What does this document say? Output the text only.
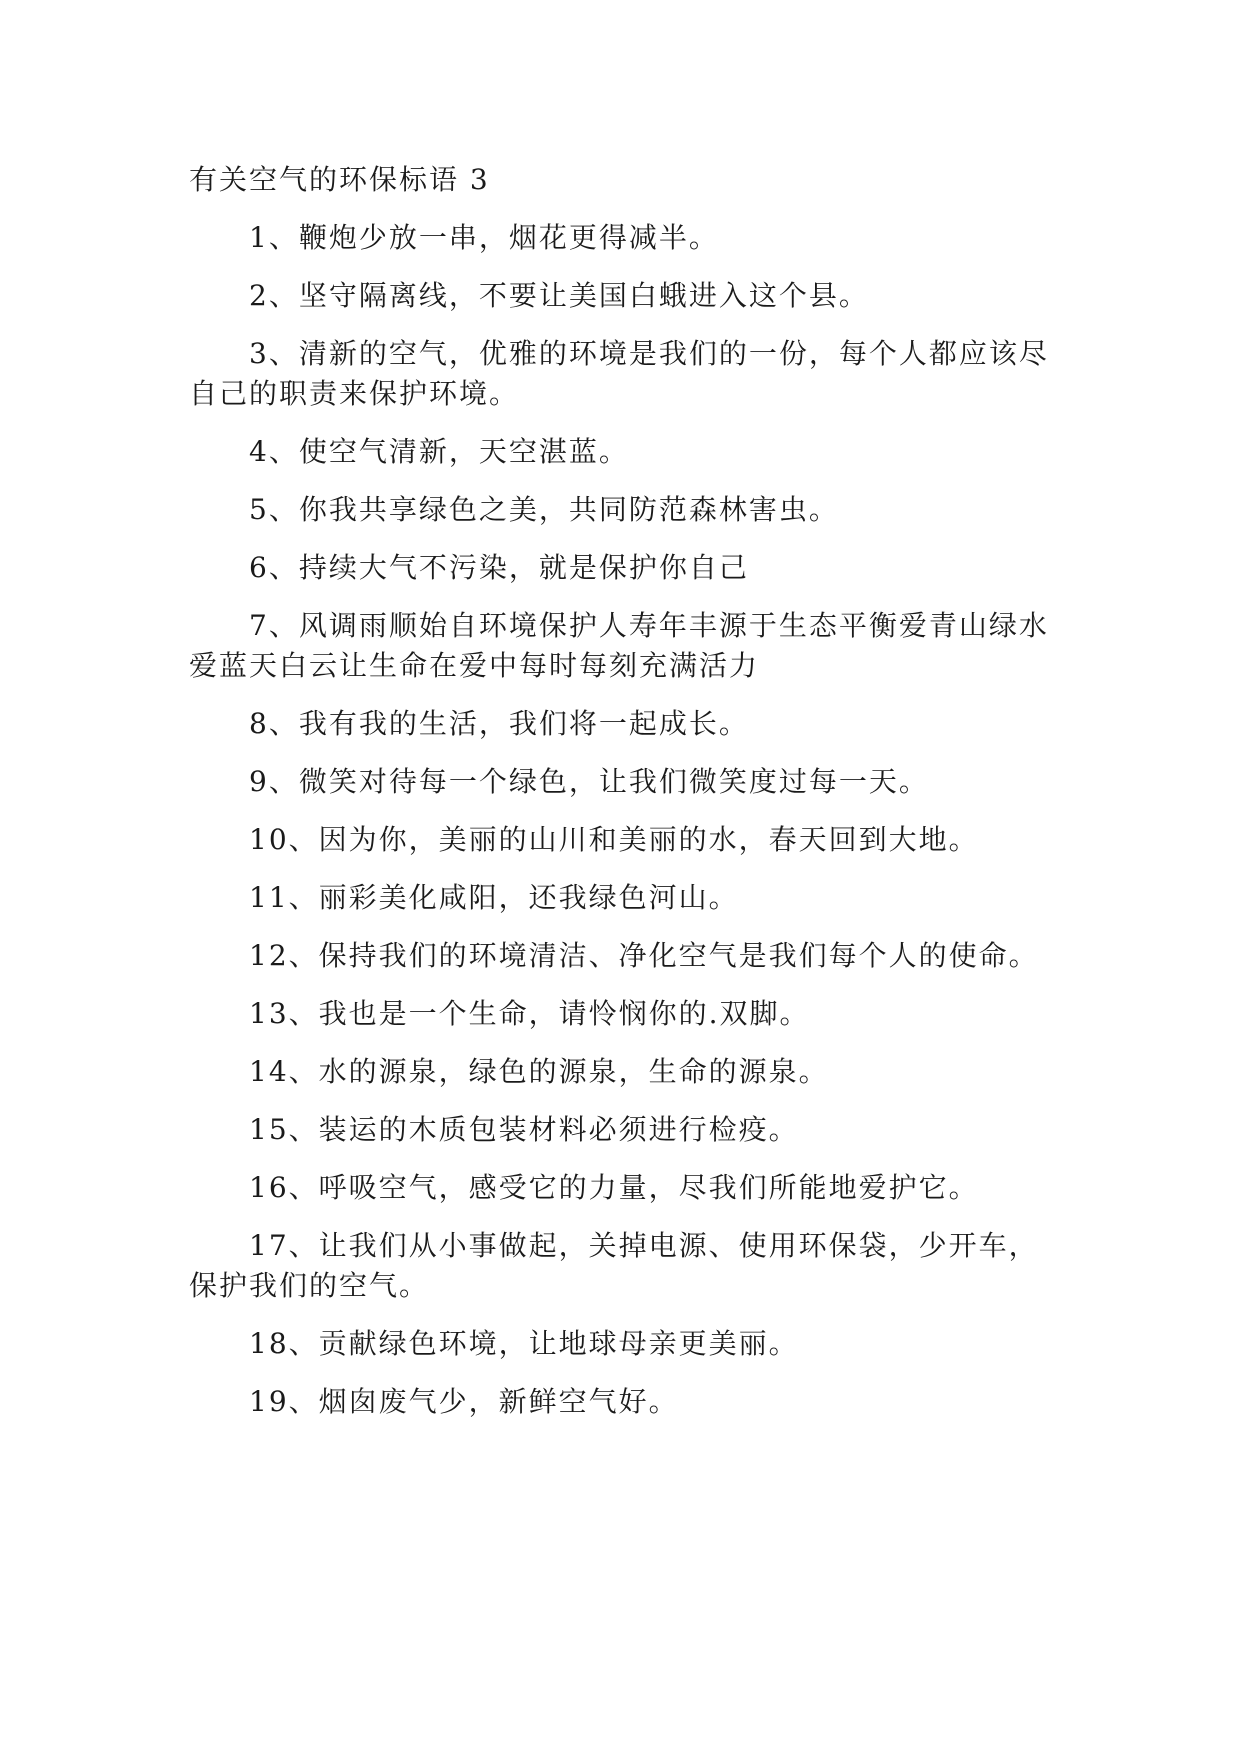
有关空气的环保标语 3

1、鞭炮少放一串，烟花更得减半。

2、坚守隔离线，不要让美国白蛾进入这个县。

3、清新的空气，优雅的环境是我们的一份，每个人都应该尽自己的职责来保护环境。

4、使空气清新，天空湛蓝。

5、你我共享绿色之美，共同防范森林害虫。

6、持续大气不污染，就是保护你自己

7、风调雨顺始自环境保护人寿年丰源于生态平衡爱青山绿水爱蓝天白云让生命在爱中每时每刻充满活力

8、我有我的生活，我们将一起成长。

9、微笑对待每一个绿色，让我们微笑度过每一天。

10、因为你，美丽的山川和美丽的水，春天回到大地。

11、丽彩美化咸阳，还我绿色河山。

12、保持我们的环境清洁、净化空气是我们每个人的使命。

13、我也是一个生命，请怜悯你的.双脚。

14、水的源泉，绿色的源泉，生命的源泉。

15、装运的木质包装材料必须进行检疫。

16、呼吸空气，感受它的力量，尽我们所能地爱护它。

17、让我们从小事做起，关掉电源、使用环保袋，少开车，保护我们的空气。

18、贡献绿色环境，让地球母亲更美丽。

19、烟囱废气少，新鲜空气好。
